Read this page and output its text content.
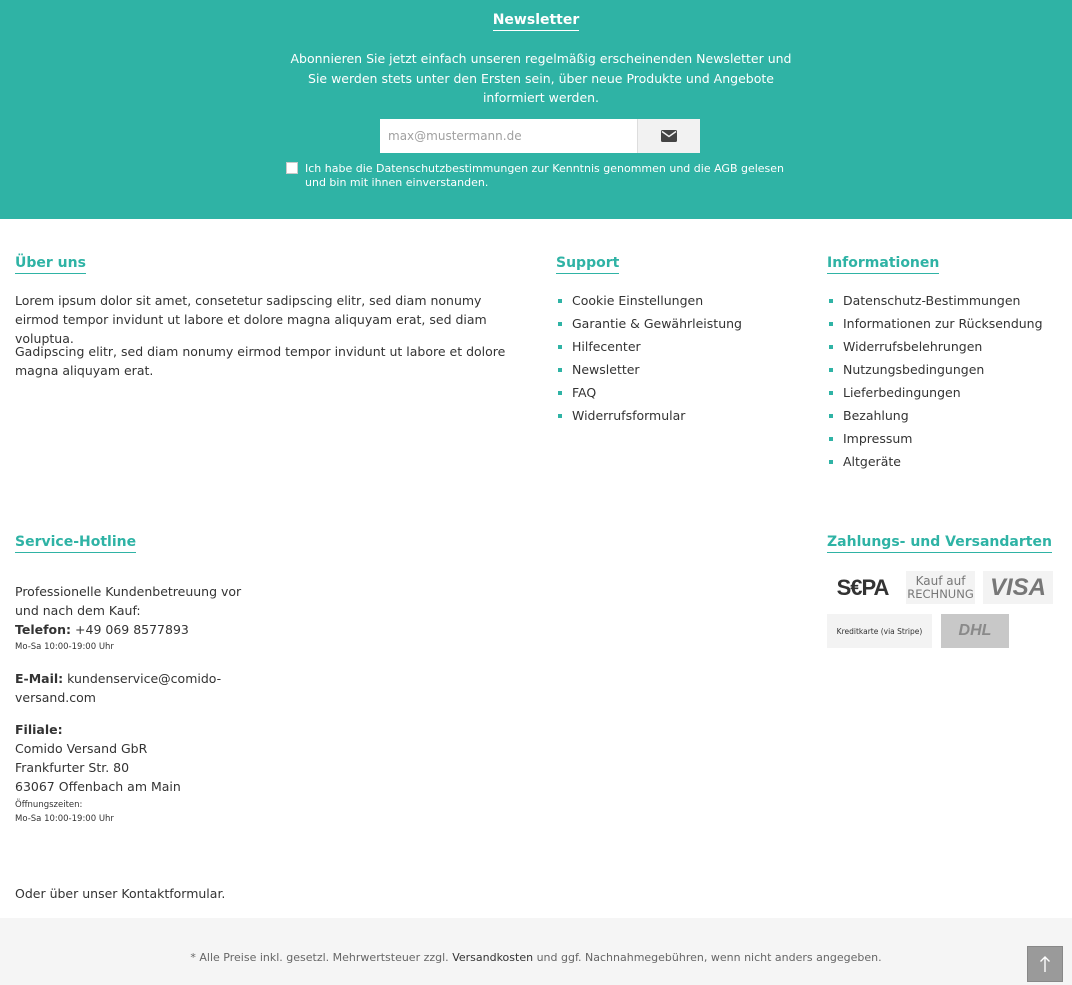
Newsletter

Abonnieren Sie jetzt einfach unseren regelmäßig erscheinenden Newsletter und Sie werden stets unter den Ersten sein, über neue Produkte und Angebote informiert werden.

max@mustermann.de
Ich habe die Datenschutzbestimmungen zur Kenntnis genommen und die AGB gelesen und bin mit ihnen einverstanden.
Über uns

Lorem ipsum dolor sit amet, consetetur sadipscing elitr, sed diam nonumy eirmod tempor invidunt ut labore et dolore magna aliquyam erat, sed diam voluptua.

Gadipscing elitr, sed diam nonumy eirmod tempor invidunt ut labore et dolore magna aliquyam erat.

Support
Cookie Einstellungen
Garantie & Gewährleistung
Hilfecenter
Newsletter
FAQ
Widerrufsformular
Informationen
Datenschutz-Bestimmungen
Informationen zur Rücksendung
Widerrufsbelehrungen
Nutzungsbedingungen
Lieferbedingungen
Bezahlung
Impressum
Altgeräte
Service-Hotline
Professionelle Kundenbetreuung vor und nach dem Kauf:
Telefon: +49 069 8577893
Mo-Sa 10:00-19:00 Uhr
E-Mail: kundenservice@comido-versand.com
Filiale:
Comido Versand GbR
Frankfurter Str. 80
63067 Offenbach am Main
Öffnungszeiten:
Mo-Sa 10:00-19:00 Uhr

Oder über unser Kontaktformular.

Zahlungs- und Versandarten
S€PA Kauf auf
RECHNUNG VISA
Kreditkarte (via Stripe) DHL

* Alle Preise inkl. gesetzl. Mehrwertsteuer zzgl. Versandkosten und ggf. Nachnahmegebühren, wenn nicht anders angegeben.
